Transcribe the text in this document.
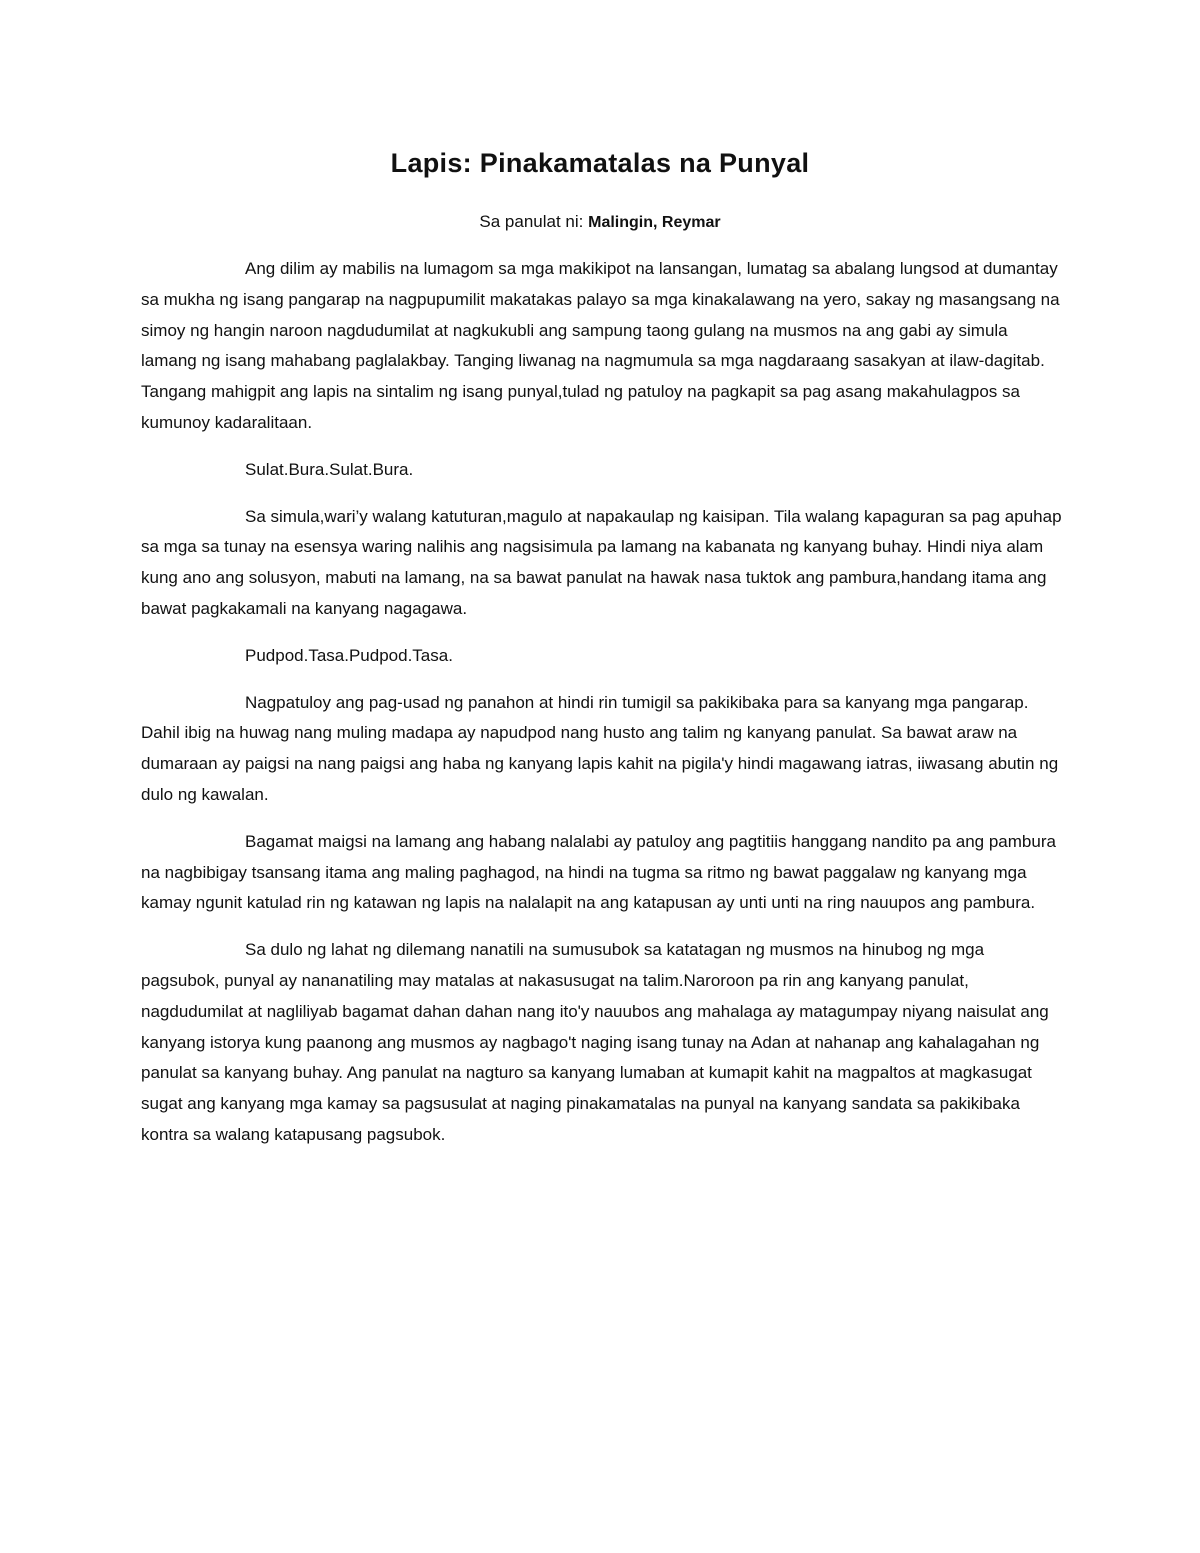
Lapis: Pinakamatalas na Punyal
Sa panulat ni: Malingin, Reymar

Ang dilim ay mabilis na lumagom sa mga makikipot na lansangan, lumatag sa abalang lungsod at dumantay sa mukha ng isang pangarap na nagpupumilit makatakas palayo sa mga kinakalawang na yero, sakay ng masangsang na simoy ng hangin naroon nagdudumilat at nagkukubli ang sampung taong gulang na musmos na ang gabi ay simula lamang ng isang mahabang paglalakbay. Tanging liwanag na nagmumula sa mga nagdaraang sasakyan at ilaw-dagitab. Tangang mahigpit ang lapis na sintalim ng isang punyal,tulad ng patuloy na pagkapit sa pag asang makahulagpos sa kumunoy kadaralitaan.

Sulat.Bura.Sulat.Bura.

Sa simula,wari’y walang katuturan,magulo at napakaulap ng kaisipan. Tila walang kapaguran sa pag apuhap sa mga sa tunay na esensya waring nalihis ang nagsisimula pa lamang na kabanata ng kanyang buhay. Hindi niya alam kung ano ang solusyon, mabuti na lamang, na sa bawat panulat na hawak nasa tuktok ang pambura,handang itama ang bawat pagkakamali na kanyang nagagawa.

Pudpod.Tasa.Pudpod.Tasa.

Nagpatuloy ang pag-usad ng panahon at hindi rin tumigil sa pakikibaka para sa kanyang mga pangarap. Dahil ibig na huwag nang muling madapa ay napudpod nang husto ang talim ng kanyang panulat. Sa bawat araw na dumaraan ay paigsi na nang paigsi ang haba ng kanyang lapis kahit na pigila'y hindi magawang iatras, iiwasang abutin ng dulo ng kawalan.

Bagamat maigsi na lamang ang habang nalalabi ay patuloy ang pagtitiis hanggang nandito pa ang pambura na nagbibigay tsansang itama ang maling paghagod, na hindi na tugma sa ritmo ng bawat paggalaw ng kanyang mga kamay ngunit katulad rin ng katawan ng lapis na nalalapit na ang katapusan ay unti unti na ring nauupos ang pambura.

Sa dulo ng lahat ng dilemang nanatili na sumusubok sa katatagan ng musmos na hinubog ng mga pagsubok, punyal ay nananatiling may matalas at nakasusugat na talim.Naroroon pa rin ang kanyang panulat, nagdudumilat at nagliliyab bagamat dahan dahan nang ito'y nauubos ang mahalaga ay matagumpay niyang naisulat ang kanyang istorya kung paanong ang musmos ay nagbago't naging isang tunay na Adan at nahanap ang kahalagahan ng panulat sa kanyang buhay. Ang panulat na nagturo sa kanyang lumaban at kumapit kahit na magpaltos at magkasugat sugat ang kanyang mga kamay sa pagsusulat at naging pinakamatalas na punyal na kanyang sandata sa pakikibaka kontra sa walang katapusang pagsubok.
